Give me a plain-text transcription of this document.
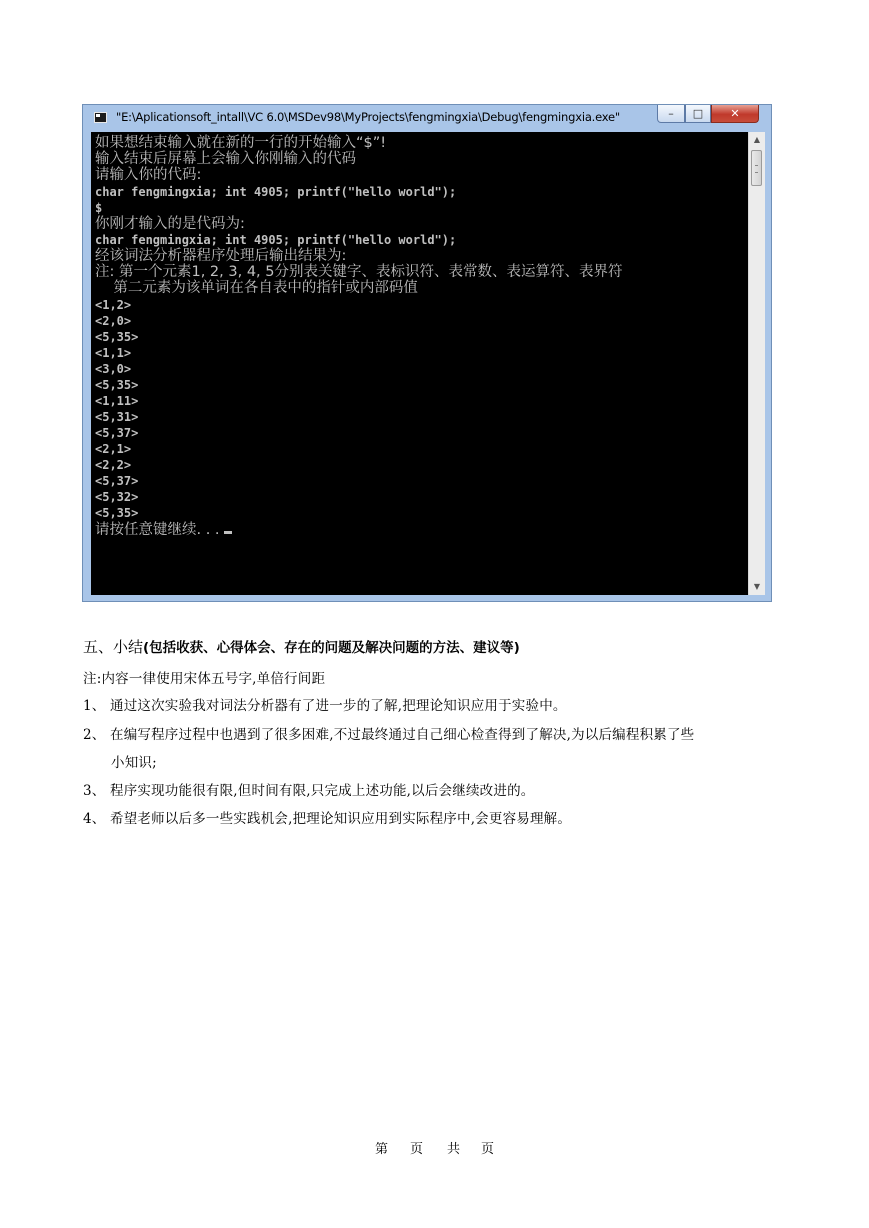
"E:\Aplicationsoft_intall\VC 6.0\MSDev98\MyProjects\fengmingxia\Debug\fengmingxia.exe"	–	□	✕
如果想结束输入就在新的一行的开始输入“$”!
输入结束后屏幕上会输入你刚输入的代码
请输入你的代码:
char fengmingxia; int 4905; printf("hello world");
$
你刚才输入的是代码为:
char fengmingxia; int 4905; printf("hello world");
经该词法分析器程序处理后输出结果为:
注: 第一个元素1, 2, 3, 4, 5分别表关键字、表标识符、表常数、表运算符、表界符
第二元素为该单词在各自表中的指针或内部码值
<1,2>
<2,0>
<5,35>
<1,1>
<3,0>
<5,35>
<1,11>
<5,31>
<5,37>
<2,1>
<2,2>
<5,37>
<5,32>
<5,35>
请按任意键继续. . .
▲
▼
五、小结(包括收获、心得体会、存在的问题及解决问题的方法、建议等)
注:内容一律使用宋体五号字,单倍行间距
1、 通过这次实验我对词法分析器有了进一步的了解,把理论知识应用于实验中。
2、 在编写程序过程中也遇到了很多困难,不过最终通过自己细心检查得到了解决,为以后编程积累了些
小知识;
3、 程序实现功能很有限,但时间有限,只完成上述功能,以后会继续改进的。
4、 希望老师以后多一些实践机会,把理论知识应用到实际程序中,会更容易理解。
第 页 共 页
